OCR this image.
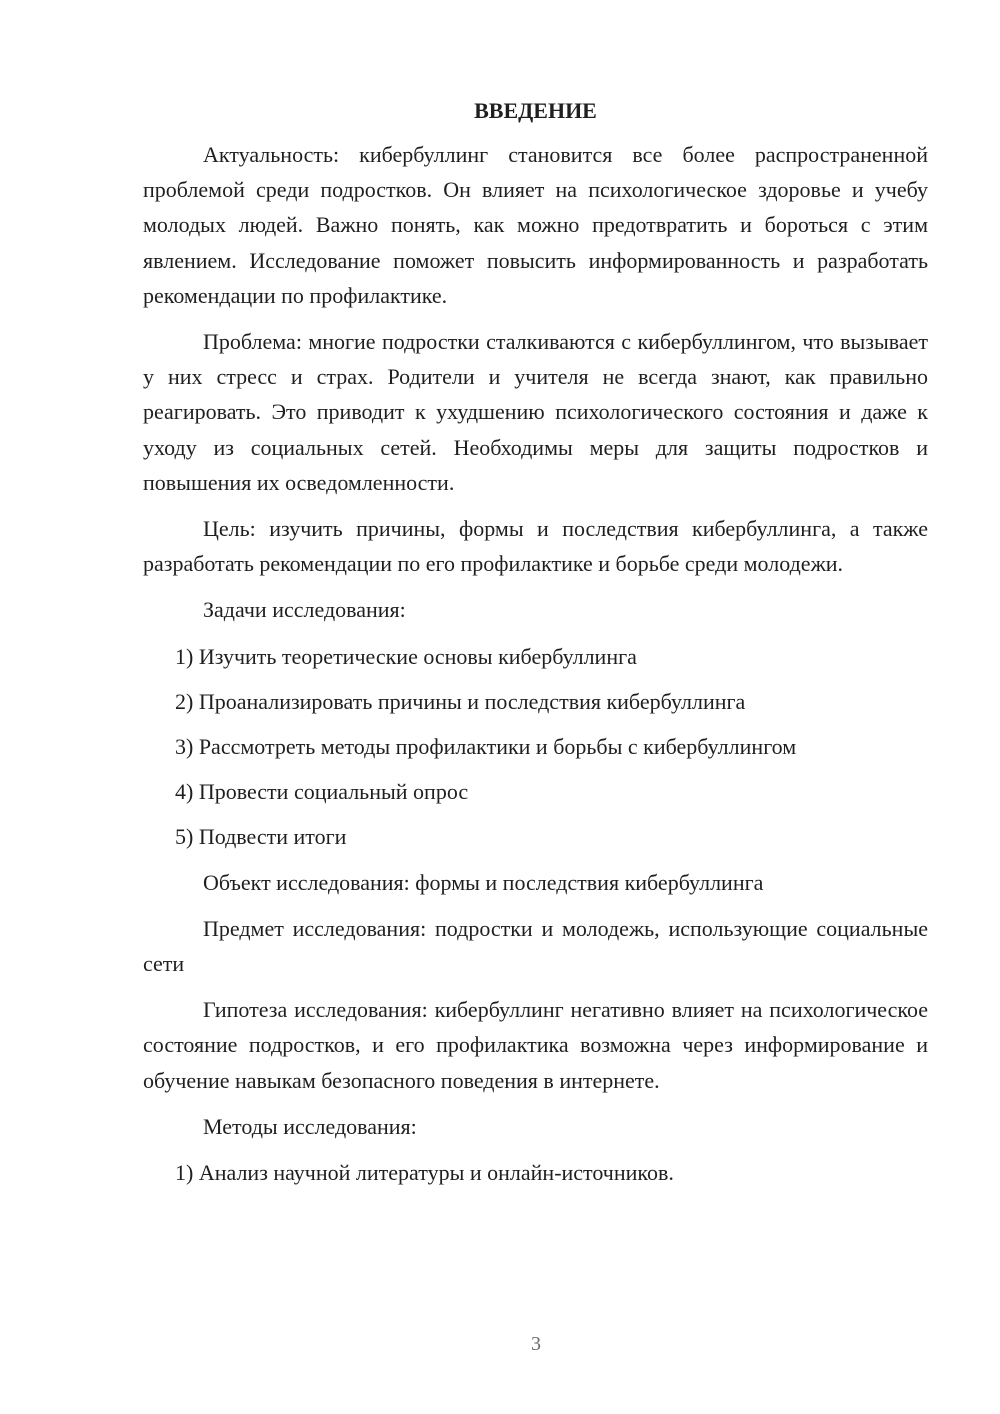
ВВЕДЕНИЕ

Актуальность: кибербуллинг становится все более распространенной проблемой среди подростков. Он влияет на психологическое здоровье и учебу молодых людей. Важно понять, как можно предотвратить и бороться с этим явлением. Исследование поможет повысить информированность и разработать рекомендации по профилактике.

Проблема: многие подростки сталкиваются с кибербуллингом, что вызывает у них стресс и страх. Родители и учителя не всегда знают, как правильно реагировать. Это приводит к ухудшению психологического состояния и даже к уходу из социальных сетей. Необходимы меры для защиты подростков и повышения их осведомленности.

Цель: изучить причины, формы и последствия кибербуллинга, а также разработать рекомендации по его профилактике и борьбе среди молодежи.

Задачи исследования:

1) Изучить теоретические основы кибербуллинга
2) Проанализировать причины и последствия кибербуллинга
3) Рассмотреть методы профилактики и борьбы с кибербуллингом
4) Провести социальный опрос
5) Подвести итоги

Объект исследования: формы и последствия кибербуллинга

Предмет исследования: подростки и молодежь, использующие социальные сети

Гипотеза исследования: кибербуллинг негативно влияет на психологическое состояние подростков, и его профилактика возможна через информирование и обучение навыкам безопасного поведения в интернете.

Методы исследования:

1) Анализ научной литературы и онлайн-источников.
3
